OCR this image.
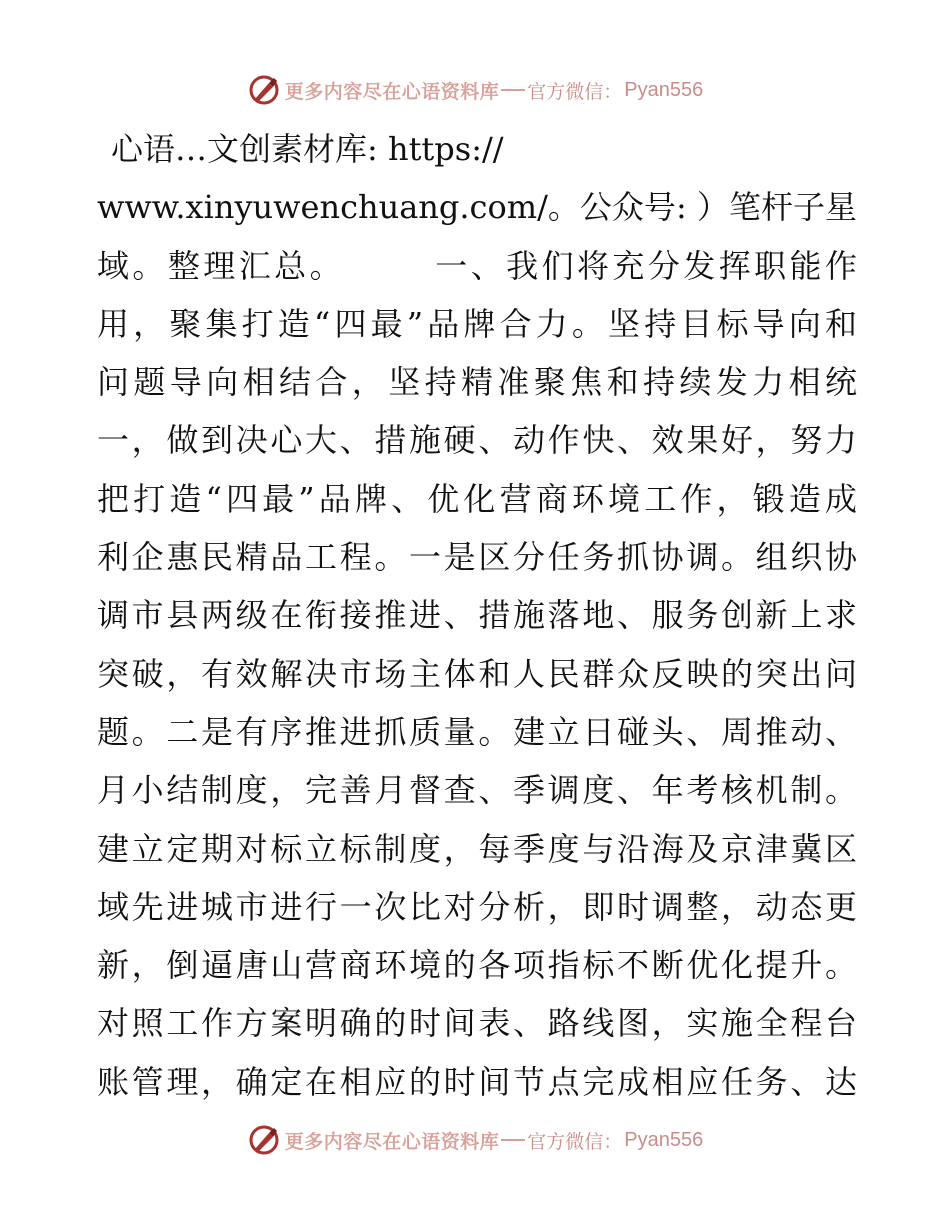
更多内容尽在心语资料库 官方微信： Pyan556
心语…文创素材库: https://
www.xinyuwenchuang.com/。公众号: ）笔杆子星
域。整理汇总。　　　一、我们将充分发挥职能作
用，聚集打造“四最”品牌合力。坚持目标导向和
问题导向相结合，坚持精准聚焦和持续发力相统
一，做到决心大、措施硬、动作快、效果好，努力
把打造“四最”品牌、优化营商环境工作，锻造成
利企惠民精品工程。一是区分任务抓协调。组织协
调市县两级在衔接推进、措施落地、服务创新上求
突破，有效解决市场主体和人民群众反映的突出问
题。二是有序推进抓质量。建立日碰头、周推动、
月小结制度，完善月督查、季调度、年考核机制。
建立定期对标立标制度，每季度与沿海及京津冀区
域先进城市进行一次比对分析，即时调整，动态更
新，倒逼唐山营商环境的各项指标不断优化提升。
对照工作方案明确的时间表、路线图，实施全程台
账管理，确定在相应的时间节点完成相应任务、达
更多内容尽在心语资料库 官方微信： Pyan556
